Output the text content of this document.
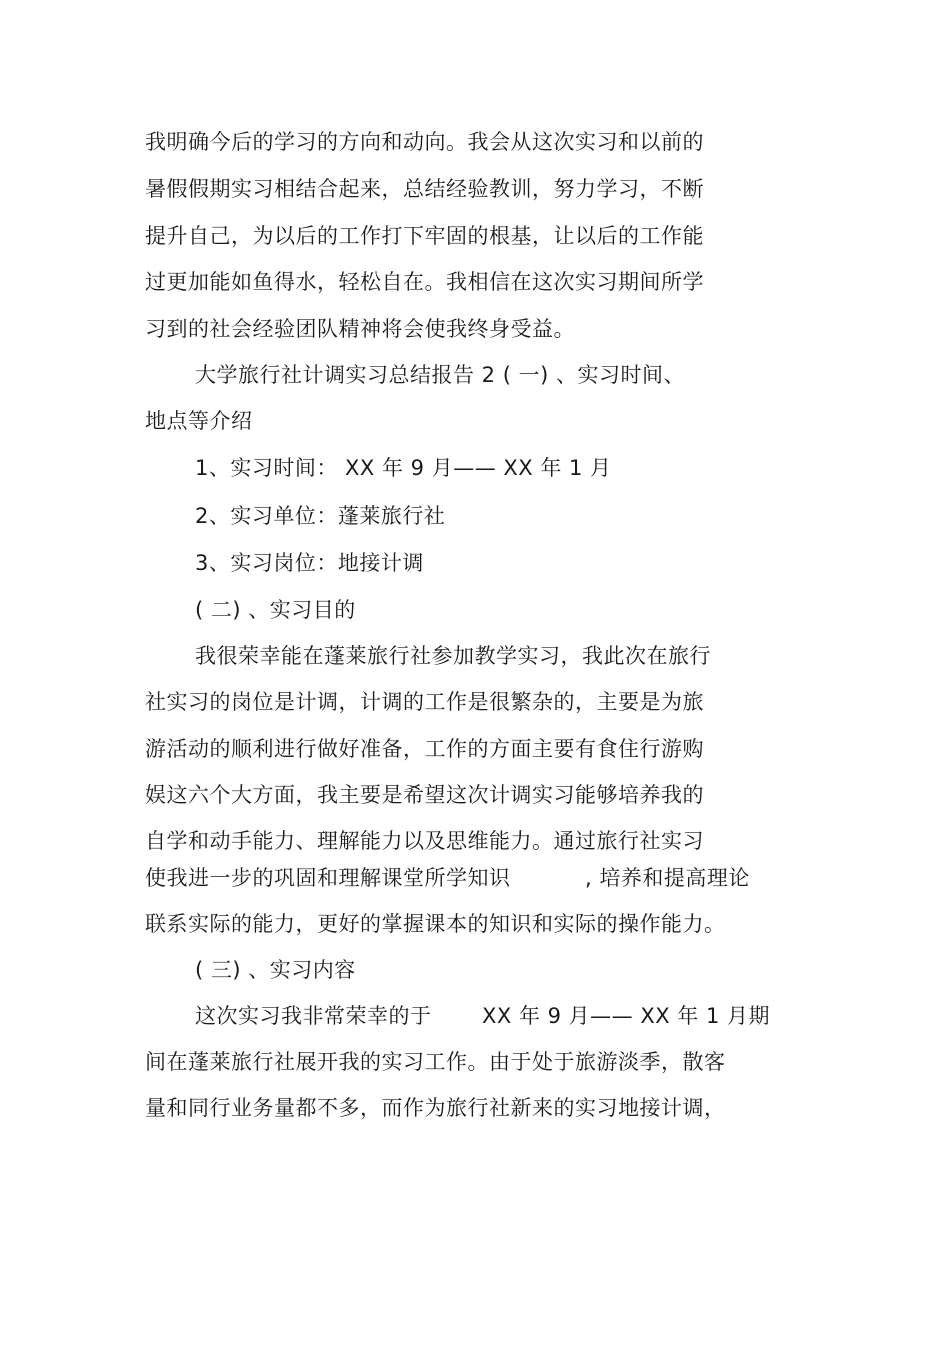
我明确今后的学习的方向和动向。我会从这次实习和以前的
暑假假期实习相结合起来，总结经验教训，努力学习，不断
提升自己，为以后的工作打下牢固的根基，让以后的工作能
过更加能如鱼得水，轻松自在。我相信在这次实习期间所学
习到的社会经验团队精神将会使我终身受益。
大学旅行社计调实习总结报告 2 ( 一) 、实习时间、
地点等介绍
1、实习时间： XX 年 9 月—— XX 年 1 月
2、实习单位：蓬莱旅行社
3、实习岗位：地接计调
( 二) 、实习目的
我很荣幸能在蓬莱旅行社参加教学实习，我此次在旅行
社实习的岗位是计调，计调的工作是很繁杂的，主要是为旅
游活动的顺利进行做好准备，工作的方面主要有食住行游购
娱这六个大方面，我主要是希望这次计调实习能够培养我的
自学和动手能力、理解能力以及思维能力。通过旅行社实习
使我进一步的巩固和理解课堂所学知识	, 培养和提高理论
联系实际的能力，更好的掌握课本的知识和实际的操作能力。
( 三) 、实习内容
这次实习我非常荣幸的于 XX 年 9 月—— XX 年 1 月期
间在蓬莱旅行社展开我的实习工作。由于处于旅游淡季，散客
量和同行业务量都不多，而作为旅行社新来的实习地接计调，
